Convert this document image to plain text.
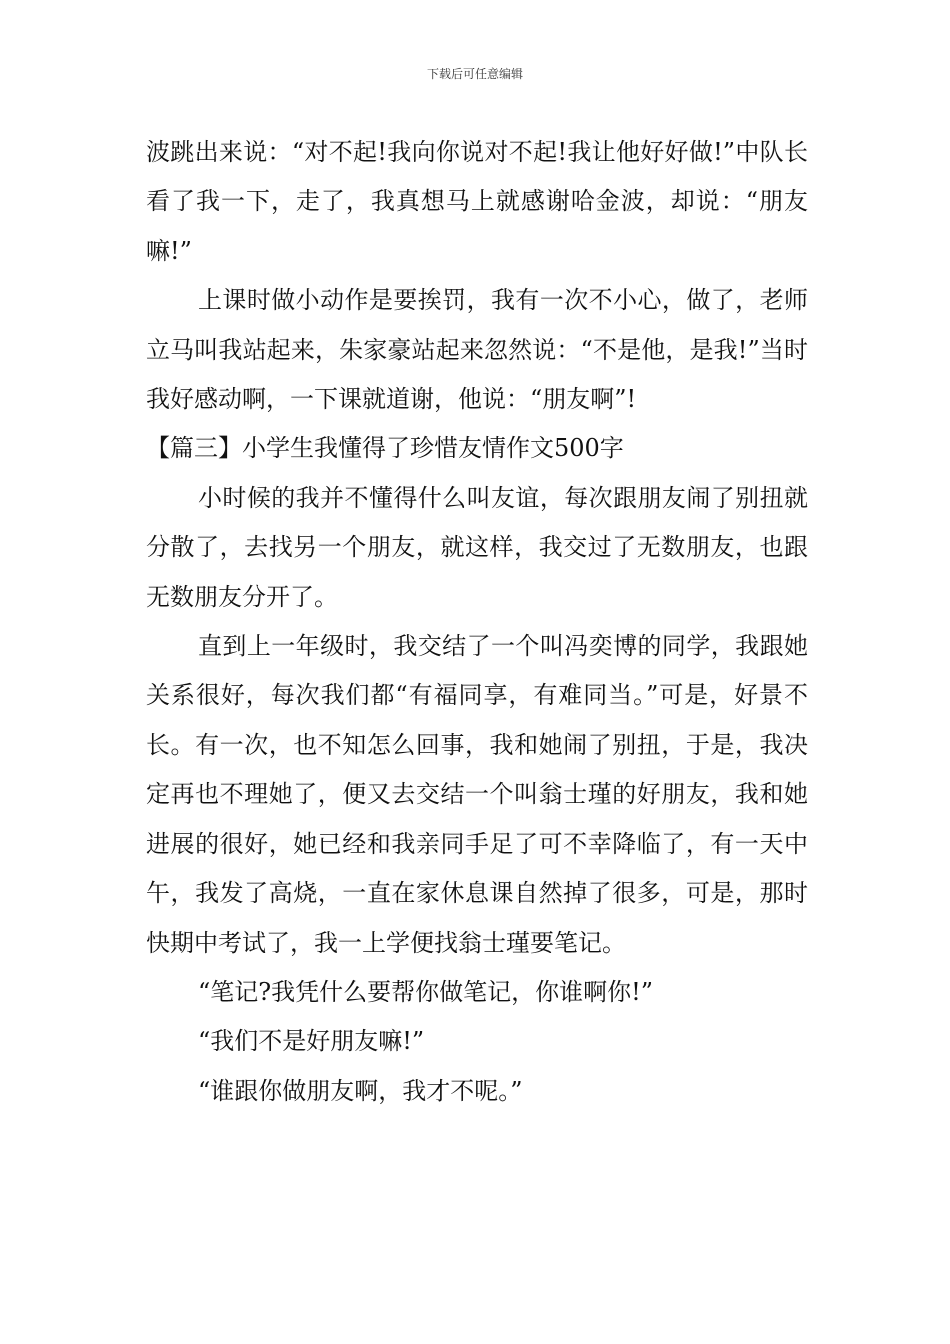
下载后可任意编辑

波跳出来说：“对不起!我向你说对不起!我让他好好做!”中队长看了我一下，走了，我真想马上就感谢哈金波，却说：“朋友嘛!”

上课时做小动作是要挨罚，我有一次不小心，做了，老师立马叫我站起来，朱家豪站起来忽然说：“不是他，是我!”当时我好感动啊，一下课就道谢，他说：“朋友啊”!

【篇三】小学生我懂得了珍惜友情作文500字

小时候的我并不懂得什么叫友谊，每次跟朋友闹了别扭就分散了，去找另一个朋友，就这样，我交过了无数朋友，也跟无数朋友分开了。

直到上一年级时，我交结了一个叫冯奕博的同学，我跟她关系很好，每次我们都“有福同享，有难同当。”可是，好景不长。有一次，也不知怎么回事，我和她闹了别扭，于是，我决定再也不理她了，便又去交结一个叫翁士瑾的好朋友，我和她进展的很好，她已经和我亲同手足了可不幸降临了，有一天中午，我发了高烧，一直在家休息课自然掉了很多，可是，那时快期中考试了，我一上学便找翁士瑾要笔记。

“笔记?我凭什么要帮你做笔记，你谁啊你!”

“我们不是好朋友嘛!”

“谁跟你做朋友啊，我才不呢。”
